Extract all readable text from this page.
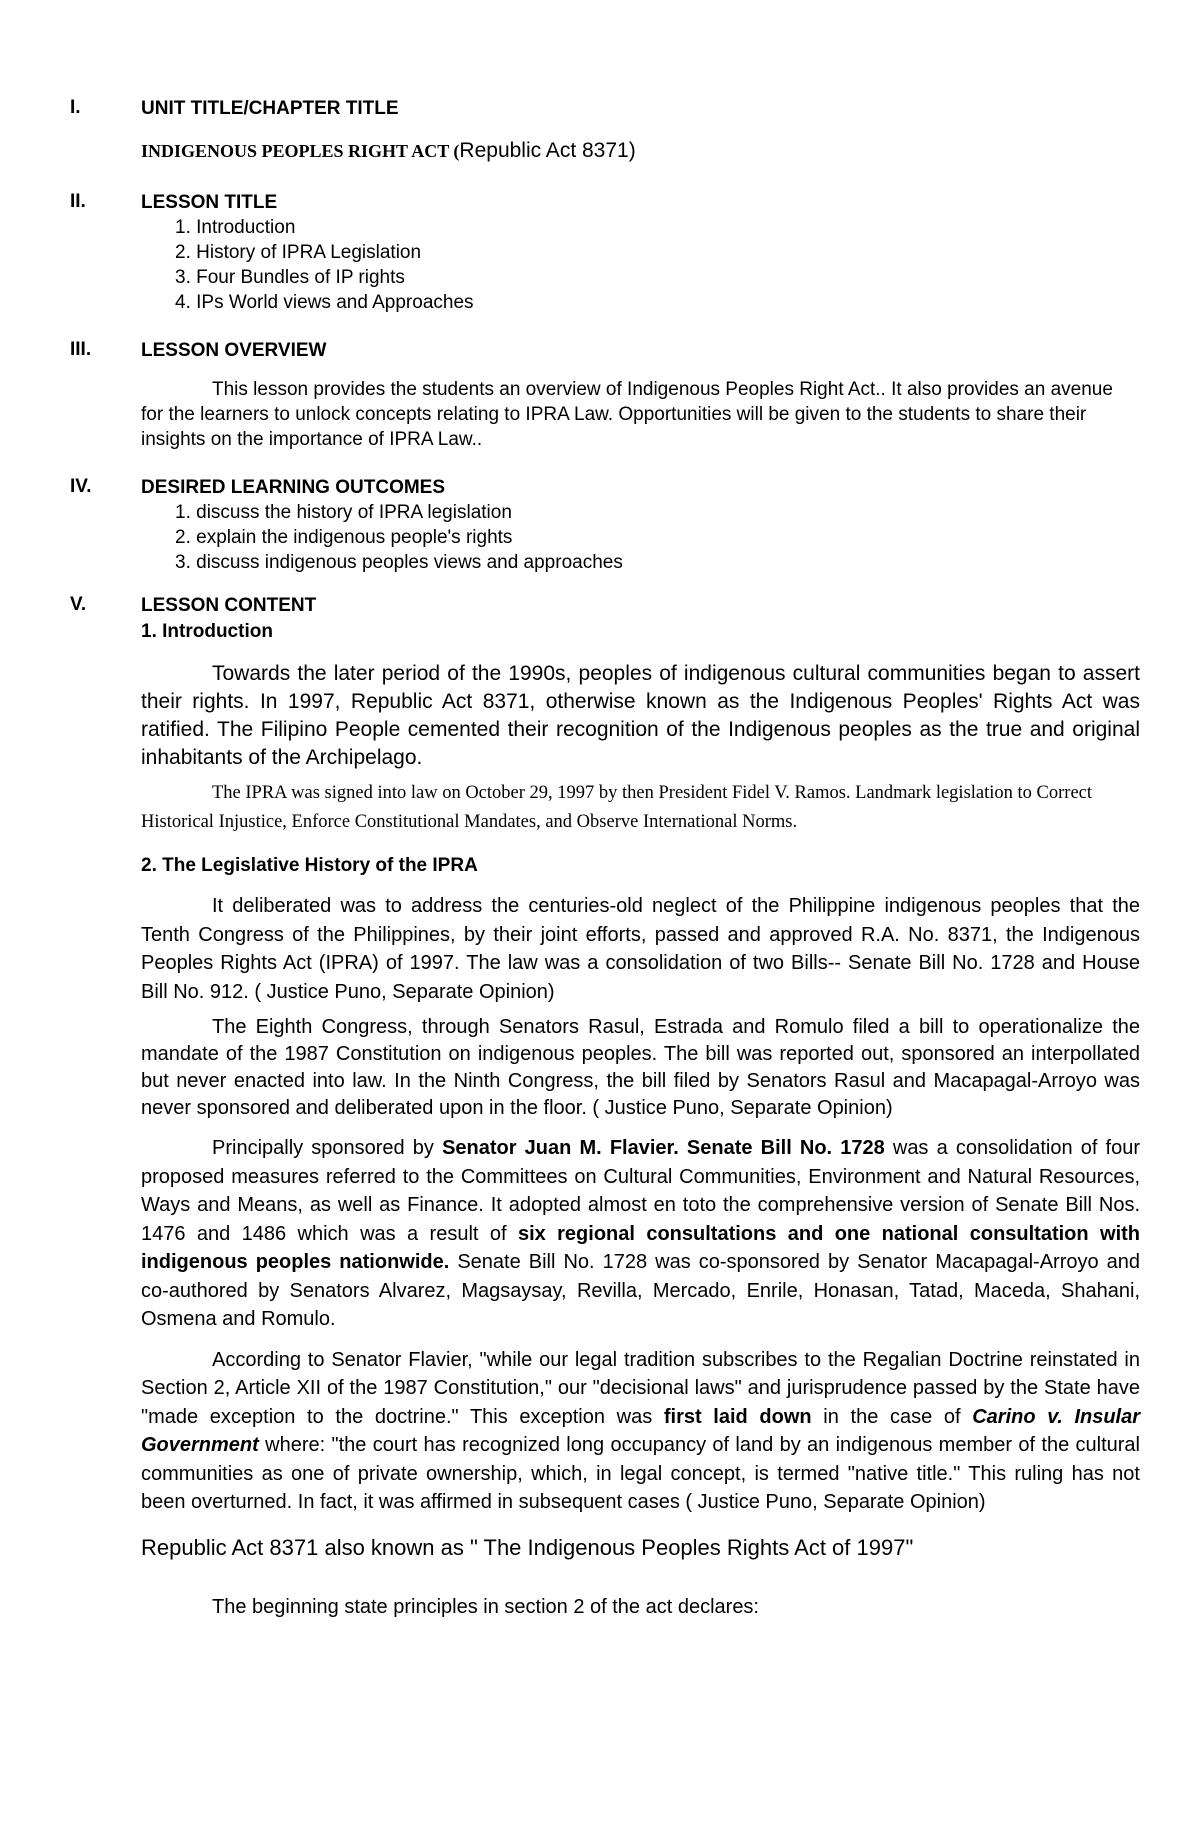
I.	UNIT TITLE/CHAPTER TITLE
INDIGENOUS PEOPLES RIGHT ACT (Republic Act 8371)
II.	LESSON TITLE
1. Introduction
2. History of IPRA Legislation
3. Four Bundles of IP rights
4. IPs World views and Approaches
III.	LESSON OVERVIEW

This lesson provides the students an overview of Indigenous Peoples Right Act.. It also provides an avenue for the learners to unlock concepts relating to IPRA Law. Opportunities will be given to the students to share their insights on the importance of IPRA Law..

IV.	DESIRED LEARNING OUTCOMES
1. discuss the history of IPRA legislation
2. explain the indigenous people's rights
3. discuss indigenous peoples views and approaches
V.	LESSON CONTENT
1. Introduction

Towards the later period of the 1990s, peoples of indigenous cultural communities began to assert their rights. In 1997, Republic Act 8371, otherwise known as the Indigenous Peoples' Rights Act was ratified. The Filipino People cemented their recognition of the Indigenous peoples as the true and original inhabitants of the Archipelago.

The IPRA was signed into law on October 29, 1997 by then President Fidel V. Ramos. Landmark legislation to Correct Historical Injustice, Enforce Constitutional Mandates, and Observe International Norms.

2. The Legislative History of the IPRA

It deliberated was to address the centuries-old neglect of the Philippine indigenous peoples that the Tenth Congress of the Philippines, by their joint efforts, passed and approved R.A. No. 8371, the Indigenous Peoples Rights Act (IPRA) of 1997. The law was a consolidation of two Bills-- Senate Bill No. 1728 and House Bill No. 912. ( Justice Puno, Separate Opinion)

The Eighth Congress, through Senators Rasul, Estrada and Romulo filed a bill to operationalize the mandate of the 1987 Constitution on indigenous peoples. The bill was reported out, sponsored an interpollated but never enacted into law. In the Ninth Congress, the bill filed by Senators Rasul and Macapagal-Arroyo was never sponsored and deliberated upon in the floor. ( Justice Puno, Separate Opinion)

Principally sponsored by Senator Juan M. Flavier. Senate Bill No. 1728 was a consolidation of four proposed measures referred to the Committees on Cultural Communities, Environment and Natural Resources, Ways and Means, as well as Finance. It adopted almost en toto the comprehensive version of Senate Bill Nos. 1476 and 1486 which was a result of six regional consultations and one national consultation with indigenous peoples nationwide. Senate Bill No. 1728 was co-sponsored by Senator Macapagal-Arroyo and co-authored by Senators Alvarez, Magsaysay, Revilla, Mercado, Enrile, Honasan, Tatad, Maceda, Shahani, Osmena and Romulo.

According to Senator Flavier, "while our legal tradition subscribes to the Regalian Doctrine reinstated in Section 2, Article XII of the 1987 Constitution," our "decisional laws" and jurisprudence passed by the State have "made exception to the doctrine." This exception was first laid down in the case of Carino v. Insular Government where: "the court has recognized long occupancy of land by an indigenous member of the cultural communities as one of private ownership, which, in legal concept, is termed "native title." This ruling has not been overturned. In fact, it was affirmed in subsequent cases ( Justice Puno, Separate Opinion)

Republic Act 8371 also known as " The Indigenous Peoples Rights Act of 1997"

The beginning state principles in section 2 of the act declares:
